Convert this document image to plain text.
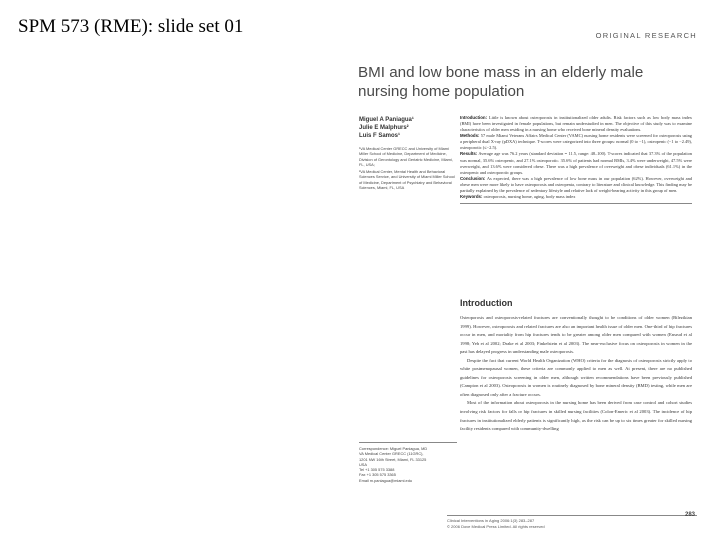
SPM 573 (RME): slide set 01	ORIGINAL RESEARCH
BMI and low bone mass in an elderly male nursing home population
Miguel A Paniagua¹
Julie E Malphurs²
Luis F Samos¹

¹VA Medical Center GRECC and University of Miami Miller School of Medicine, Department of Medicine, Division of Gerontology and Geriatric Medicine, Miami, FL, USA;

²VA Medical Center, Mental Health and Behavioral Sciences Service, and University of Miami Miller School of Medicine, Department of Psychiatry and Behavioral Sciences, Miami, FL, USA

Correspondence: Miguel Paniagua, MD
VA Medical Center GRECC (11GRC),
1201 NW 16th Street, Miami, FL 33125
USA
Tel +1 305 575 3388
Fax +1 305 575 3365
Email m.paniagua@miami.edu

Introduction: Little is known about osteoporosis in institutionalized older adults. Risk factors such as low body mass index (BMI) have been investigated in female populations, but remain understudied in men. The objective of this study was to examine characteristics of older men residing in a nursing home who received bone mineral density evaluations.

Methods: 57 male Miami Veterans Affairs Medical Center (VAMC) nursing home residents were screened for osteoporosis using a peripheral dual X-ray (pDXA) technique. T-scores were categorized into three groups: normal (0 to −1), osteopenic (−1 to −2.49), osteoporotic (≤−2.5).

Results: Average age was 76.2 years (standard deviation = 11.5, range: 48–100). T-scores indicated that 37.3% of the population was normal, 35.6% osteopenic, and 27.1% osteoporotic. 35.6% of patients had normal BMIs, 3.4% were underweight, 47.5% were overweight, and 13.6% were considered obese. There was a high prevalence of overweight and obese individuals (61.1%) in the osteopenic and osteoporotic groups.

Conclusion: As expected, there was a high prevalence of low bone mass in our population (62%). However, overweight and obese men were more likely to have osteoporosis and osteopenia, contrary to literature and clinical knowledge. This finding may be partially explained by the prevalence of sedentary lifestyle and relative lack of weight-bearing activity in this group of men.

Keywords: osteoporosis, nursing home, aging, body mass index

Introduction

Osteoporosis and osteoporosis-related fractures are conventionally thought to be conditions of older women (Bilezikian 1999). However, osteoporosis and related fractures are also an important health issue of older men. One-third of hip fractures occur in men, and mortality from hip fractures tends to be greater among older men compared with women (Ensrud et al 1998; Yeh et al 2002; Drake et al 2003; Finkelstein et al 2003). The near-exclusive focus on osteoporosis in women in the past has delayed progress in understanding male osteoporosis.

Despite the fact that current World Health Organization (WHO) criteria for the diagnosis of osteoporosis strictly apply to white postmenopausal women, these criteria are commonly applied to men as well. At present, there are no published guidelines for osteoporosis screening in older men, although written recommendations have been previously published (Campion et al 2003). Osteoporosis in women is routinely diagnosed by bone mineral density (BMD) testing, while men are often diagnosed only after a fracture occurs.

Most of the information about osteoporosis in the nursing home has been derived from case control and cohort studies involving risk factors for falls or hip fractures in skilled nursing facilities (Colon-Emeric et al 2003). The incidence of hip fractures in institutionalized elderly patients is significantly high, as the risk can be up to six times greater for skilled nursing facility residents compared with community-dwelling

Clinical Interventions in Aging 2006:1(3) 283–287
© 2006 Dove Medical Press Limited. All rights reserved
283
